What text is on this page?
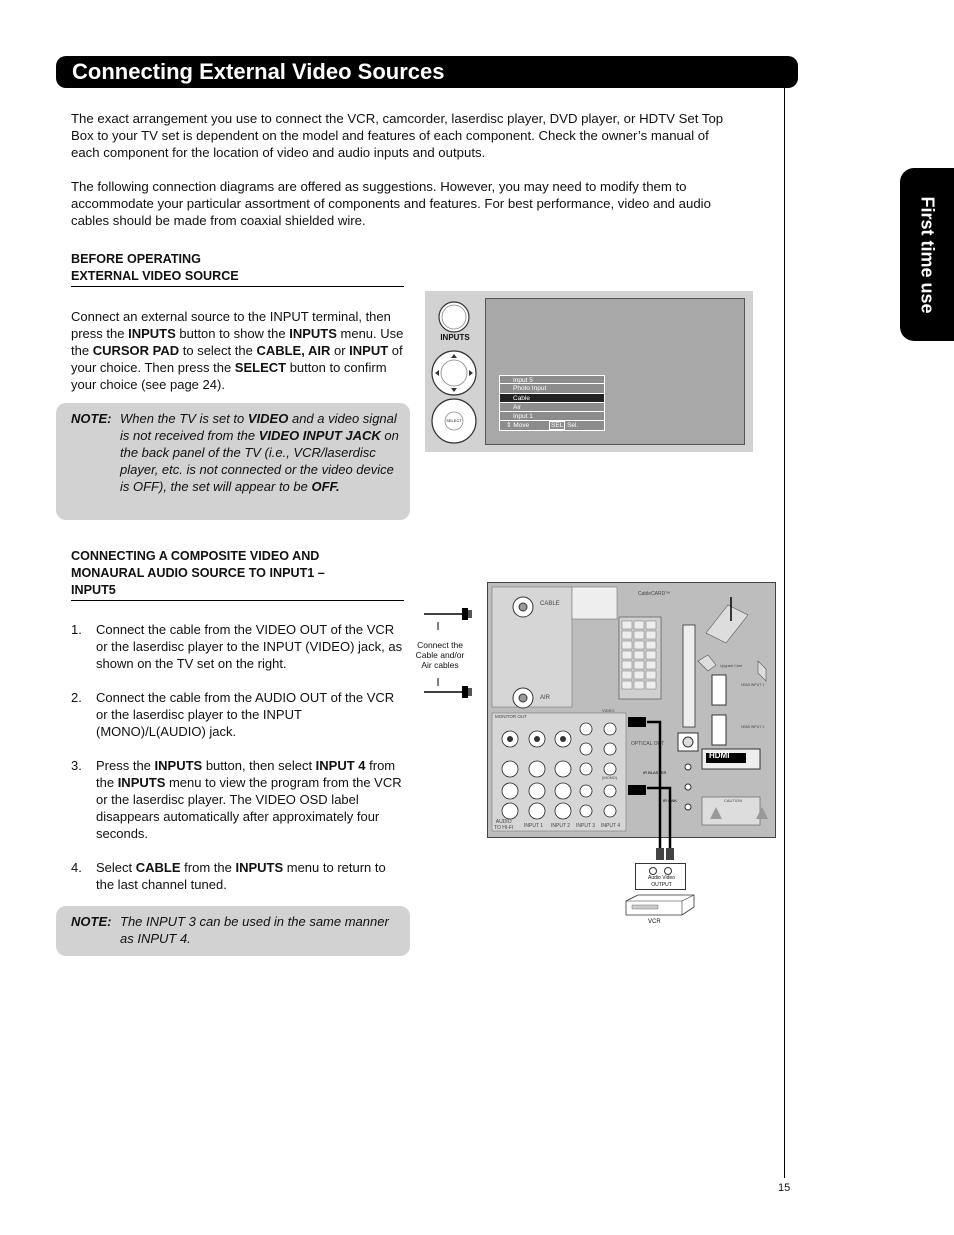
Connecting External Video Sources
First time use

The exact arrangement you use to connect the VCR, camcorder, laserdisc player, DVD player, or HDTV Set Top Box to your TV set is dependent on the model and features of each component. Check the owner’s manual of each component for the location of video and audio inputs and outputs.

The following connection diagrams are offered as suggestions. However, you may need to modify them to accommodate your particular assortment of components and features. For best performance, video and audio cables should be made from coaxial shielded wire.

BEFORE OPERATING
EXTERNAL VIDEO SOURCE

Connect an external source to the INPUT terminal, then press the INPUTS button to show the INPUTS menu. Use the CURSOR PAD to select the CABLE, AIR or INPUT of your choice. Then press the SELECT button to confirm your choice (see page 24).

NOTE: When the TV is set to VIDEO and a video signal is not received from the VIDEO INPUT JACK on the back panel of the TV (i.e., VCR/laserdisc player, etc. is not connected or the video device is OFF), the set will appear to be OFF.
INPUTS
SELECT
Input 5
Photo Input
Cable
Air
Input 1
⇕ Move	SEL Sel.
CONNECTING A COMPOSITE VIDEO AND
MONAURAL AUDIO SOURCE TO INPUT1 –
INPUT5
1. Connect the cable from the VIDEO OUT of the VCR or the laserdisc player to the INPUT (VIDEO) jack, as shown on the TV set on the right.
2. Connect the cable from the AUDIO OUT of the VCR or the laserdisc player to the INPUT (MONO)/L(AUDIO) jack.
3. Press the INPUTS button, then select INPUT 4 from the INPUTS menu to view the program from the VCR or the laserdisc player. The VIDEO OSD label disappears automatically after approximately four seconds.
4. Select CABLE from the INPUTS menu to return to the last channel tuned.
NOTE: The INPUT 3 can be used in the same manner as INPUT 4.
Connect the
Cable and/or
Air cables
CABLE
AIR
MONITOR OUT
AUDIO
TO HI-FI INPUT 1 INPUT 2 INPUT 3 INPUT 4
VIDEO
(MONO)
CableCARD™
OPTICAL OUT
HDMI INPUT 1
HDMI INPUT 2
HDMI
Upgrade Card
IR BLASTER
IR LINK	CAUTION
Audio Video
OUTPUT
VCR
15
